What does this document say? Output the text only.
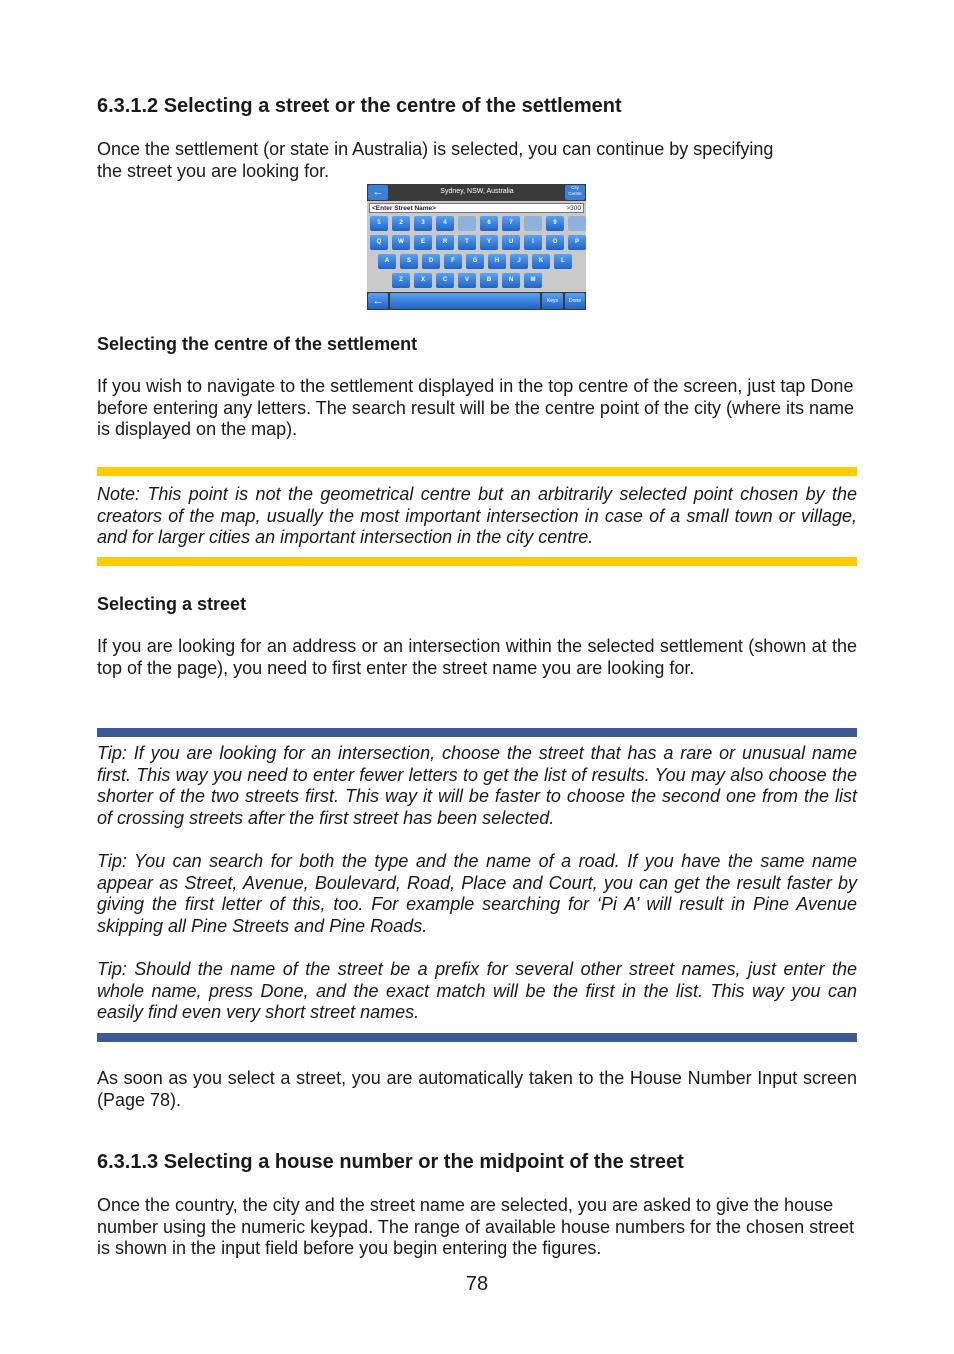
6.3.1.2 Selecting a street or the centre of the settlement
Once the settlement (or state in Australia) is selected, you can continue by specifying
the street you are looking for.
←	Sydney, NSW, Australia
City
Centre
<Enter Street Name>	>300
1	2	3	4	6	7	9
Q	W	E	R	T	Y	U	I	O	P
A	S	D	F	G	H	J	K	L
Z	X	C	V	B	N	M
←	Keys	Done
Selecting the centre of the settlement
If you wish to navigate to the settlement displayed in the top centre of the screen, just tap Done before entering any letters. The search result will be the centre point of the city (where its name is displayed on the map).
Note: This point is not the geometrical centre but an arbitrarily selected point chosen by the creators of the map, usually the most important intersection in case of a small town or village, and for larger cities an important intersection in the city centre.
Selecting a street
If you are looking for an address or an intersection within the selected settlement (shown at the top of the page), you need to first enter the street name you are looking for.
Tip: If you are looking for an intersection, choose the street that has a rare or unusual name first. This way you need to enter fewer letters to get the list of results. You may also choose the shorter of the two streets first. This way it will be faster to choose the second one from the list of crossing streets after the first street has been selected.
Tip: You can search for both the type and the name of a road. If you have the same name appear as Street, Avenue, Boulevard, Road, Place and Court, you can get the result faster by giving the first letter of this, too. For example searching for ‘Pi A’ will result in Pine Avenue skipping all Pine Streets and Pine Roads.
Tip: Should the name of the street be a prefix for several other street names, just enter the whole name, press Done, and the exact match will be the first in the list. This way you can easily find even very short street names.
As soon as you select a street, you are automatically taken to the House Number Input screen (Page 78).
6.3.1.3 Selecting a house number or the midpoint of the street
Once the country, the city and the street name are selected, you are asked to give the house number using the numeric keypad. The range of available house numbers for the chosen street is shown in the input field before you begin entering the figures.
78
